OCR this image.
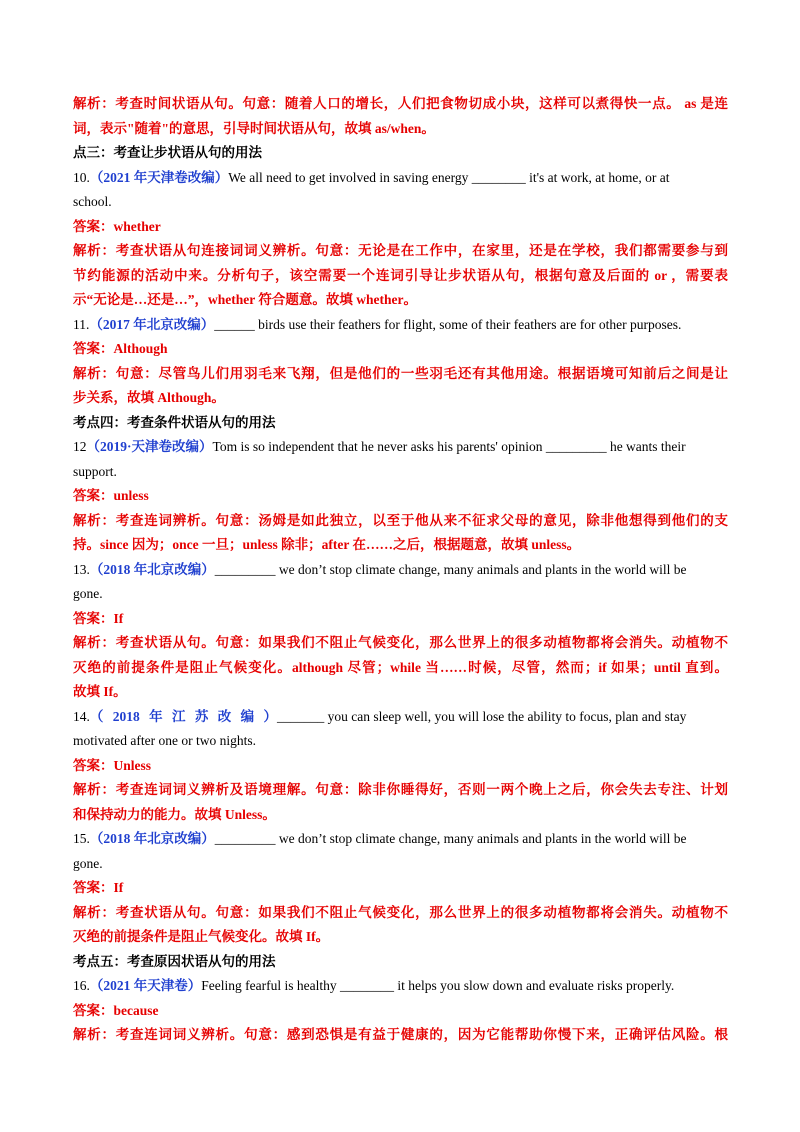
解析：考查时间状语从句。句意：随着人口的增长，人们把食物切成小块，这样可以煮得快一点。 as 是连
词，表示"随着"的意思，引导时间状语从句，故填 as/when。
点三：考查让步状语从句的用法
10.（2021 年天津卷改编）We all need to get involved in saving energy ________ it's at work, at home, or at
school.
答案：whether
解析：考查状语从句连接词词义辨析。句意：无论是在工作中，在家里，还是在学校，我们都需要参与到
节约能源的活动中来。分析句子，该空需要一个连词引导让步状语从句，根据句意及后面的 or ，需要表
示“无论是…还是…”，whether 符合题意。故填 whether。
11.（2017 年北京改编）______ birds use their feathers for flight, some of their feathers are for other purposes.
答案：Although
解析：句意：尽管鸟儿们用羽毛来飞翔，但是他们的一些羽毛还有其他用途。根据语境可知前后之间是让
步关系，故填 Although。
考点四：考查条件状语从句的用法
12（2019·天津卷改编）Tom is so independent that he never asks his parents' opinion _________ he wants their
support.
答案：unless
解析：考查连词辨析。句意：汤姆是如此独立，以至于他从来不征求父母的意见，除非他想得到他们的支
持。since 因为；once 一旦；unless 除非；after 在……之后，根据题意，故填 unless。
13.（2018 年北京改编）_________ we don’t stop climate change, many animals and plants in the world will be
gone.
答案：If
解析：考查状语从句。句意：如果我们不阻止气候变化，那么世界上的很多动植物都将会消失。动植物不
灭绝的前提条件是阻止气候变化。although 尽管；while 当……时候，尽管，然而；if 如果；until 直到。
故填 If。
14.（ 2018 年 江 苏 改 编 ）_______ you can sleep well, you will lose the ability to focus, plan and stay
motivated after one or two nights.
答案：Unless
解析：考查连词词义辨析及语境理解。句意：除非你睡得好，否则一两个晚上之后，你会失去专注、计划
和保持动力的能力。故填 Unless。
15.（2018 年北京改编）_________ we don’t stop climate change, many animals and plants in the world will be
gone.
答案：If
解析：考查状语从句。句意：如果我们不阻止气候变化，那么世界上的很多动植物都将会消失。动植物不
灭绝的前提条件是阻止气候变化。故填 If。
考点五：考查原因状语从句的用法
16.（2021 年天津卷）Feeling fearful is healthy ________ it helps you slow down and evaluate risks properly.
答案：because
解析：考查连词词义辨析。句意：感到恐惧是有益于健康的，因为它能帮助你慢下来，正确评估风险。根
